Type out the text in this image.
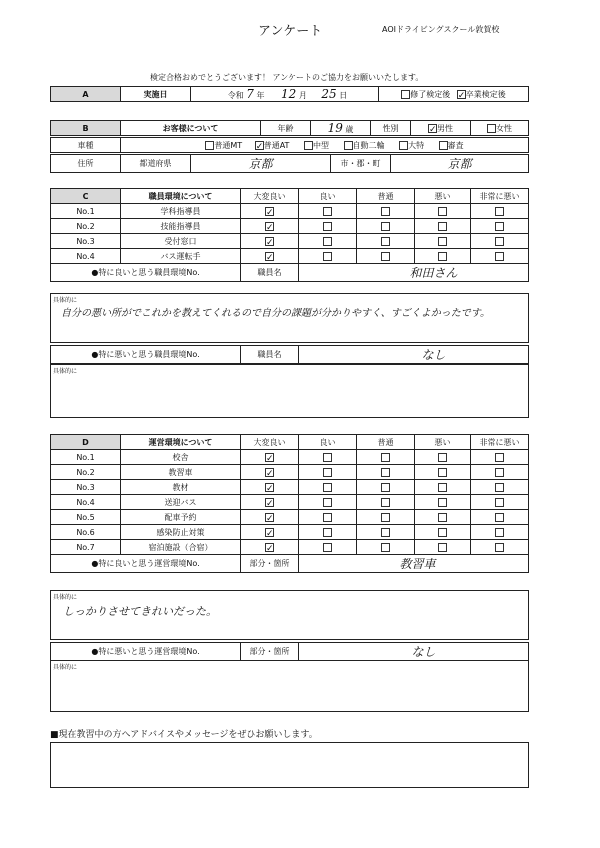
アンケート	AOIドライビングスクール敦賀校
検定合格おめでとうございます！ アンケートのご協力をお願いいたします。
A	実施日	令和 7 年 12 月 25 日	修了検定後 ✓卒業検定後
B	お客様について	年齢	19 歳	性別	✓男性	女性
車種	普通MT ✓普通AT	中型	自動二輪	大特	審査
住所	都道府県	京都	市・郡・町	京都
C	職員環境について	大変良い	良い	普通	悪い	非常に悪い
No.1	学科指導員	✓				
No.2	技能指導員	✓				
No.3	受付窓口	✓				
No.4	バス運転手	✓				
●特に良いと思う職員環境No.		職員名	和田さん			
具体的に
自分の悪い所がでこれかを教えてくれるので自分の課題が分かりやすく、すごくよかったです。
●特に悪いと思う職員環境No.	職員名	なし
具体的に
D	運営環境について	大変良い	良い	普通	悪い	非常に悪い
No.1	校舎	✓				
No.2	教習車	✓				
No.3	教材	✓				
No.4	送迎バス	✓				
No.5	配車予約	✓				
No.6	感染防止対策	✓				
No.7	宿泊施設（合宿）	✓				
●特に良いと思う運営環境No.		部分・箇所	教習車			
具体的に
しっかりさせてきれいだった。
●特に悪いと思う運営環境No.	部分・箇所	なし
具体的に
■現在教習中の方へアドバイスやメッセージをぜひお願いします。
